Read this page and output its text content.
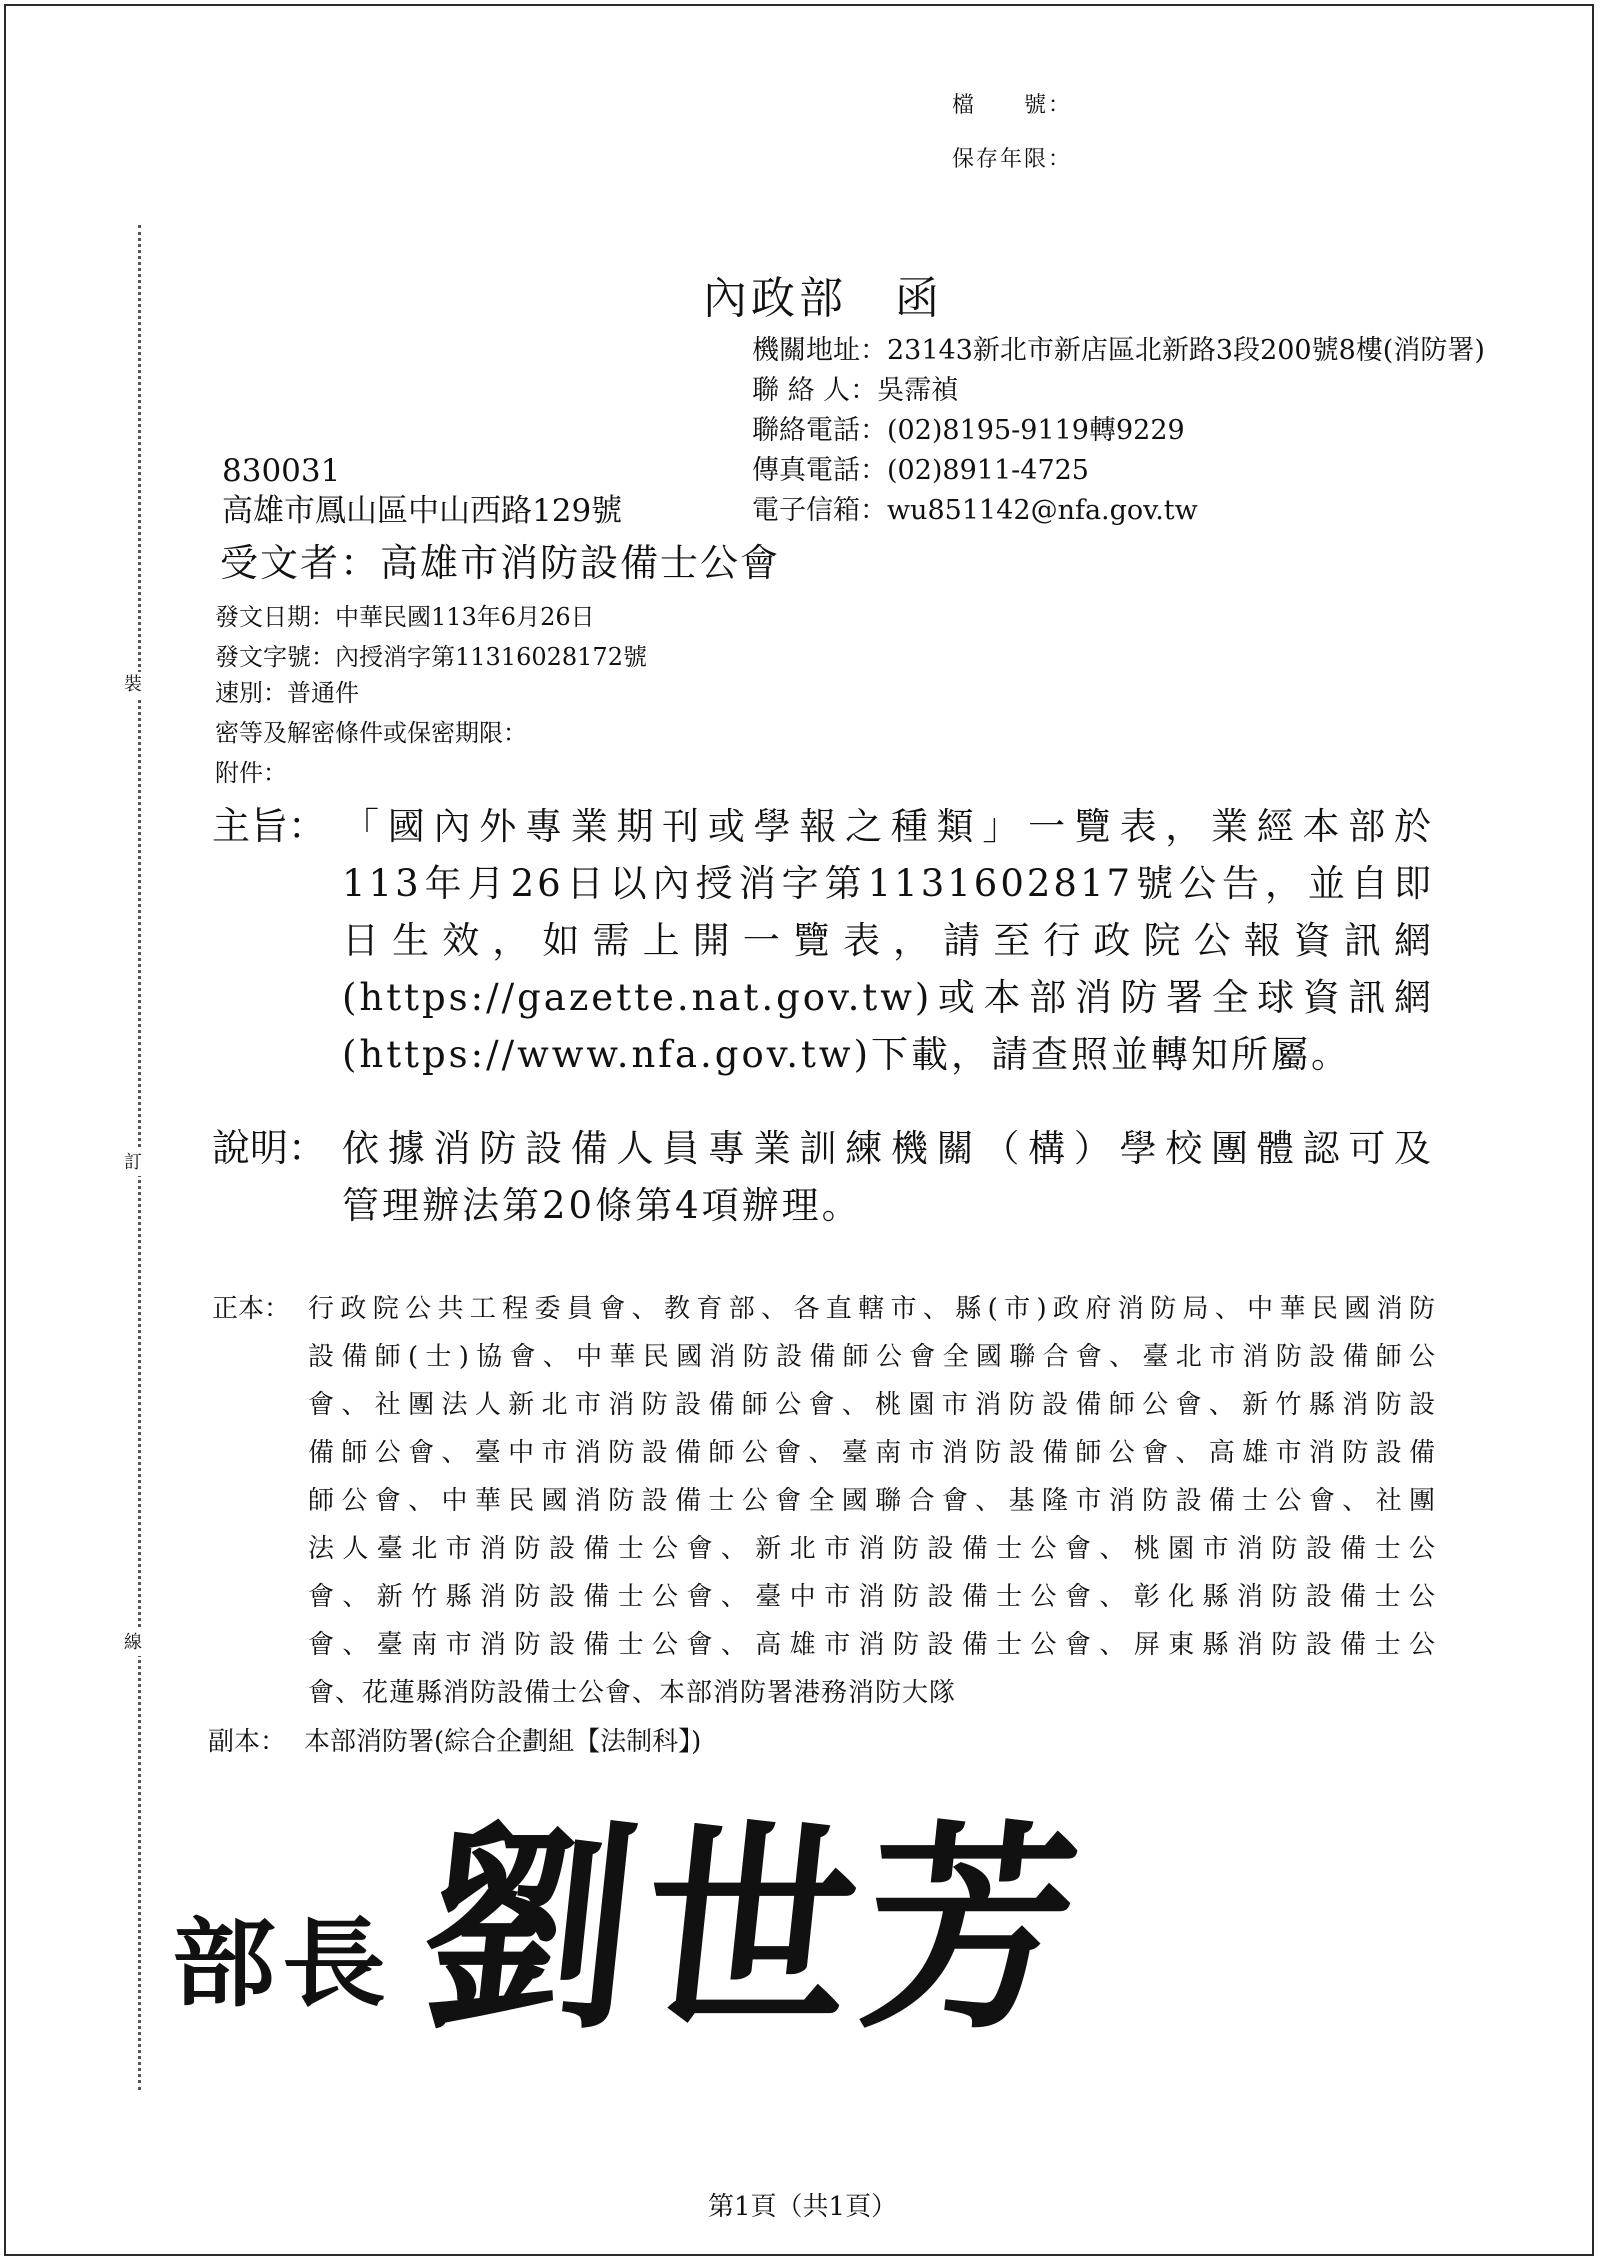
裝
訂
線
檔　　號：
保存年限：
內政部　函
機關地址：23143新北市新店區北新路3段200號8樓(消防署)
聯 絡 人：吳霈禎
聯絡電話：(02)8195-9119轉9229
傳真電話：(02)8911-4725
電子信箱：wu851142@nfa.gov.tw
830031
高雄市鳳山區中山西路129號
受文者：高雄市消防設備士公會
發文日期：中華民國113年6月26日
發文字號：內授消字第11316028172號
速別：普通件
密等及解密條件或保密期限：
附件：
主旨： 「國內外專業期刊或學報之種類」一覽表，業經本部於
113年月26日以內授消字第1131602817號公告，並自即
日生效，如需上開一覽表，請至行政院公報資訊網
(https://gazette.nat.gov.tw)或本部消防署全球資訊網
(https://www.nfa.gov.tw)下載，請查照並轉知所屬。
說明： 依據消防設備人員專業訓練機關（構）學校團體認可及
管理辦法第20條第4項辦理。
正本： 行政院公共工程委員會、教育部、各直轄市、縣(市)政府消防局、中華民國消防
設備師(士)協會、中華民國消防設備師公會全國聯合會、臺北市消防設備師公
會、社團法人新北市消防設備師公會、桃園市消防設備師公會、新竹縣消防設
備師公會、臺中市消防設備師公會、臺南市消防設備師公會、高雄市消防設備
師公會、中華民國消防設備士公會全國聯合會、基隆市消防設備士公會、社團
法人臺北市消防設備士公會、新北市消防設備士公會、桃園市消防設備士公
會、新竹縣消防設備士公會、臺中市消防設備士公會、彰化縣消防設備士公
會、臺南市消防設備士公會、高雄市消防設備士公會、屏東縣消防設備士公
會、花蓮縣消防設備士公會、本部消防署港務消防大隊
副本： 本部消防署(綜合企劃組【法制科】)
部長 劉世芳
第1頁（共1頁）
